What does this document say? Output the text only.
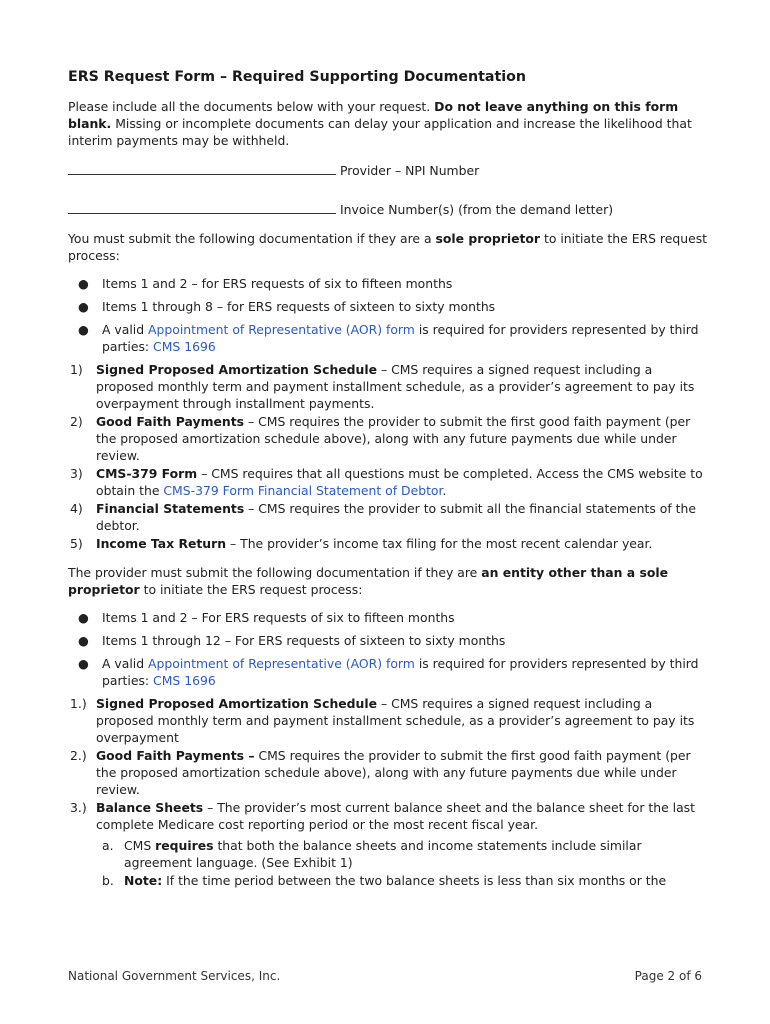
ERS Request Form – Required Supporting Documentation

Please include all the documents below with your request. Do not leave anything on this form blank. Missing or incomplete documents can delay your application and increase the likelihood that interim payments may be withheld.

Provider – NPI Number
Invoice Number(s) (from the demand letter)

You must submit the following documentation if they are a sole proprietor to initiate the ERS request process:

● Items 1 and 2 – for ERS requests of six to fifteen months
● Items 1 through 8 – for ERS requests of sixteen to sixty months
● A valid Appointment of Representative (AOR) form is required for providers represented by third parties: CMS 1696
1) Signed Proposed Amortization Schedule – CMS requires a signed request including a proposed monthly term and payment installment schedule, as a provider’s agreement to pay its overpayment through installment payments.
2) Good Faith Payments – CMS requires the provider to submit the first good faith payment (per the proposed amortization schedule above), along with any future payments due while under review.
3) CMS-379 Form – CMS requires that all questions must be completed. Access the CMS website to obtain the CMS-379 Form Financial Statement of Debtor.
4) Financial Statements – CMS requires the provider to submit all the financial statements of the debtor.
5) Income Tax Return – The provider’s income tax filing for the most recent calendar year.

The provider must submit the following documentation if they are an entity other than a sole proprietor to initiate the ERS request process:

● Items 1 and 2 – For ERS requests of six to fifteen months
● Items 1 through 12 – For ERS requests of sixteen to sixty months
● A valid Appointment of Representative (AOR) form is required for providers represented by third parties: CMS 1696
1.) Signed Proposed Amortization Schedule – CMS requires a signed request including a proposed monthly term and payment installment schedule, as a provider’s agreement to pay its overpayment
2.) Good Faith Payments – CMS requires the provider to submit the first good faith payment (per the proposed amortization schedule above), along with any future payments due while under review.
3.) Balance Sheets – The provider’s most current balance sheet and the balance sheet for the last complete Medicare cost reporting period or the most recent fiscal year.
a. CMS requires that both the balance sheets and income statements include similar agreement language. (See Exhibit 1)
b. Note: If the time period between the two balance sheets is less than six months or the
National Government Services, Inc.	Page 2 of 6
